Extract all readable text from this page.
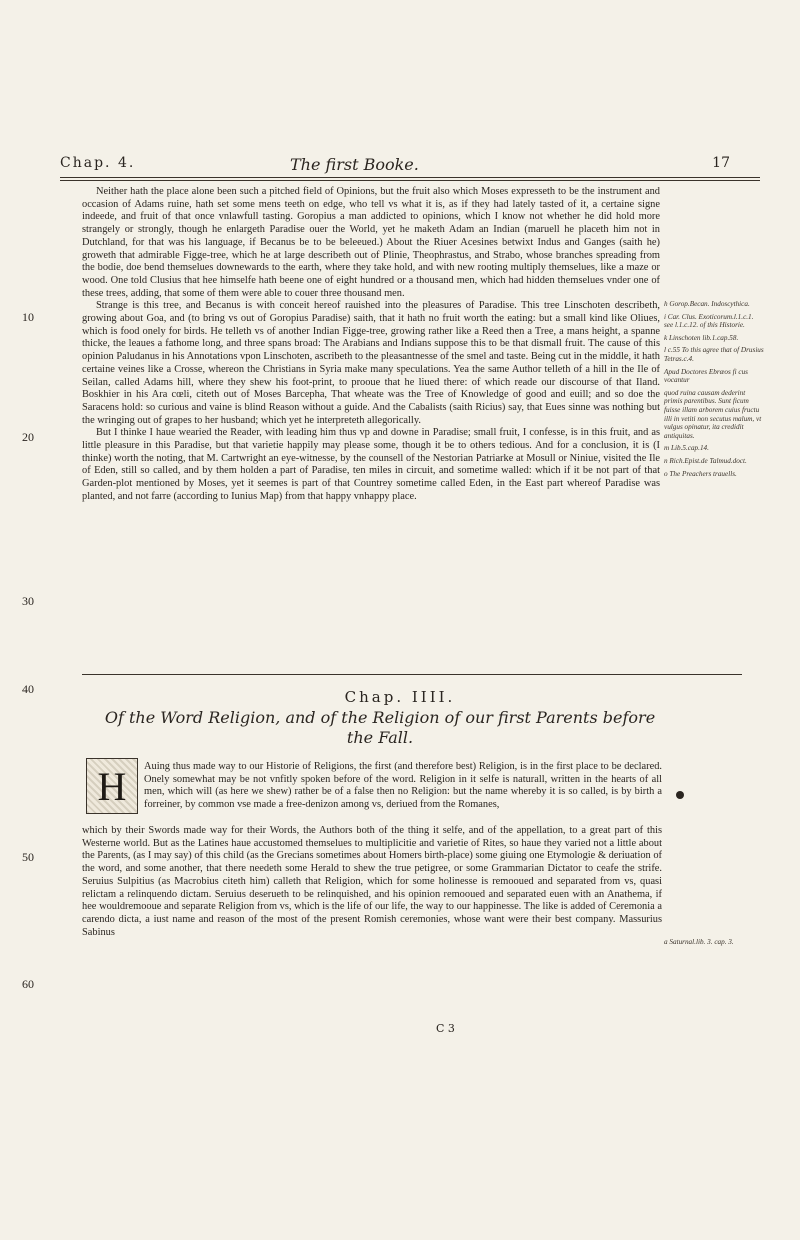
Chap. 4.	The first Booke.	17
10
20
30
40
50
60

Neither hath the place alone been such a pitched field of Opinions, but the fruit also which Moses expresseth to be the instrument and occasion of Adams ruine, hath set some mens teeth on edge, who tell vs what it is, as if they had lately tasted of it, a certaine signe indeede, and fruit of that once vnlawfull tasting. Goropius a man addicted to opinions, which I know not whether he did hold more strangely or strongly, though he enlargeth Paradise ouer the World, yet he maketh Adam an Indian (maruell he placeth him not in Dutchland, for that was his language, if Becanus be to be beleeued.) About the Riuer Acesines betwixt Indus and Ganges (saith he) groweth that admirable Figge-tree, which he at large describeth out of Plinie, Theophrastus, and Strabo, whose branches spreading from the bodie, doe bend themselues downewards to the earth, where they take hold, and with new rooting multiply themselues, like a maze or wood. One told Clusius that hee himselfe hath beene one of eight hundred or a thousand men, which had hidden themselues vnder one of these trees, adding, that some of them were able to couer three thousand men.

Strange is this tree, and Becanus is with conceit hereof rauished into the pleasures of Paradise. This tree Linschoten describeth, growing about Goa, and (to bring vs out of Goropius Paradise) saith, that it hath no fruit worth the eating: but a small kind like Oliues, which is food onely for birds. He telleth vs of another Indian Figge-tree, growing rather like a Reed then a Tree, a mans height, a spanne thicke, the leaues a fathome long, and three spans broad: The Arabians and Indians suppose this to be that dismall fruit. The cause of this opinion Paludanus in his Annotations vpon Linschoten, ascribeth to the pleasantnesse of the smel and taste. Being cut in the middle, it hath certaine veines like a Crosse, whereon the Christians in Syria make many speculations. Yea the same Author telleth of a hill in the Ile of Seilan, called Adams hill, where they shew his foot-print, to prooue that he liued there: of which reade our discourse of that Iland. Boskhier in his Ara cœli, citeth out of Moses Barcepha, That wheate was the Tree of Knowledge of good and euill; and so doe the Saracens hold: so curious and vaine is blind Reason without a guide. And the Cabalists (saith Ricius) say, that Eues sinne was nothing but the wringing out of grapes to her husband; which yet he interpreteth allegorically.

But I thinke I haue wearied the Reader, with leading him thus vp and downe in Paradise; small fruit, I confesse, is in this fruit, and as little pleasure in this Paradise, but that varietie happily may please some, though it be to others tedious. And for a conclusion, it is (I thinke) worth the noting, that M. Cartwright an eye-witnesse, by the counsell of the Nestorian Patriarke at Mosull or Niniue, visited the Ile of Eden, still so called, and by them holden a part of Paradise, ten miles in circuit, and sometime walled: which if it be not part of that Garden-plot mentioned by Moses, yet it seemes is part of that Countrey sometime called Eden, in the East part whereof Paradise was planted, and not farre (according to Iunius Map) from that happy vnhappy place.

h Gorop.Becan. Indoscythica.
i Car. Clus. Exoticorum.l.1.c.1. see l.1.c.12. of this Historie.
k Linschoten lib.1.cap.58.
l c.55 To this agree that of Drusius Tetras.c.4.
Apud Doctores Ebræos fi cus vocantur
quod ruina causam dederint primis parentibus. Sunt ficum fuisse illam arborem cuius fructu illi in vetiti non secutus malum, vt vulgus opinatur, ita credidit antiquitas.
m Lib.5.cap.14.
n Rich.Epist.de Talmud.doct.
o The Preachers trauells.
Chap. IIII.
Of the Word Religion, and of the Religion of our first Parents before the Fall.
H	Auing thus made way to our Historie of Religions, the first (and therefore best) Religion, is in the first place to be declared. Onely somewhat may be not vnfitly spoken before of the word. Religion in it selfe is naturall, written in the hearts of all men, which will (as here we shew) rather be of a false then no Religion: but the name whereby it is so called, is by birth a forreiner, by common vse made a free-denizon among vs, deriued from the Romanes,
which by their Swords made way for their Words, the Authors both of the thing it selfe, and of the appellation, to a great part of this Westerne world. But as the Latines haue accustomed themselues to multiplicitie and varietie of Rites, so haue they varied not a little about the Parents, (as I may say) of this child (as the Grecians sometimes about Homers birth-place) some giuing one Etymologie & deriuation of the word, and some another, that there needeth some Herald to shew the true petigree, or some Grammarian Dictator to ceafe the strife. Seruius Sulpitius (as Macrobius citeth him) calleth that Religion, which for some holinesse is remooued and separated from vs, quasi relictam a relinquendo dictam. Seruius deserueth to be relinquished, and his opinion remooued and separated euen with an Anathema, if hee wouldremooue and separate Religion from vs, which is the life of our life, the way to our happinesse. The like is added of Ceremonia a carendo dicta, a iust name and reason of the most of the present Romish ceremonies, whose want were their best company. Massurius Sabinus
a Saturnal.lib. 3. cap. 3.
C 3
